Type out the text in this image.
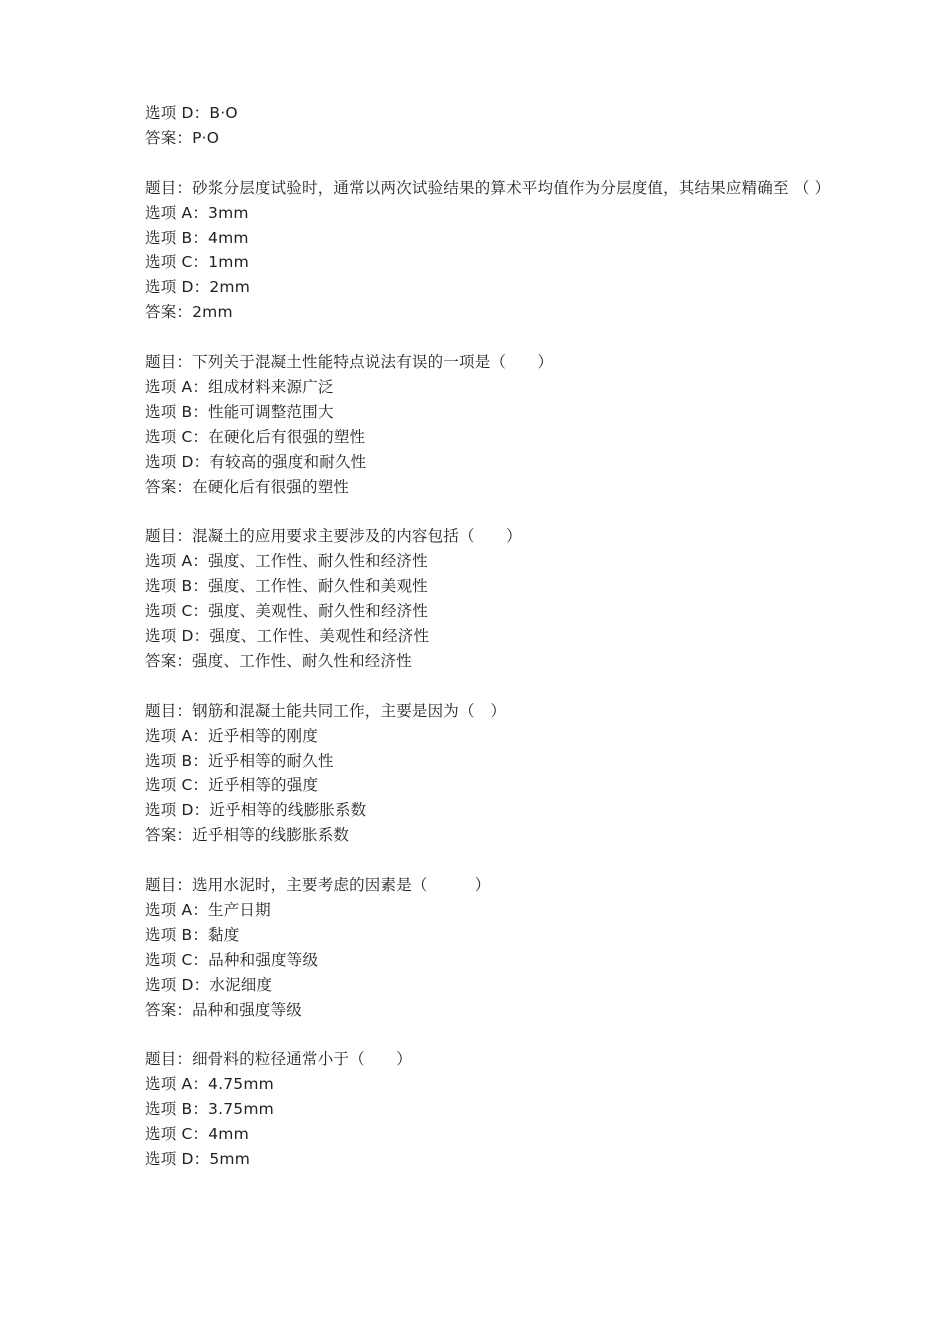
选项 D：B·O
答案：P·O
题目：砂浆分层度试验时，通常以两次试验结果的算术平均值作为分层度值，其结果应精确至 （ ）
选项 A：3mm
选项 B：4mm
选项 C：1mm
选项 D：2mm
答案：2mm
题目：下列关于混凝土性能特点说法有误的一项是（　　）
选项 A：组成材料来源广泛
选项 B：性能可调整范围大
选项 C：在硬化后有很强的塑性
选项 D：有较高的强度和耐久性
答案：在硬化后有很强的塑性
题目：混凝土的应用要求主要涉及的内容包括（　　）
选项 A：强度、工作性、耐久性和经济性
选项 B：强度、工作性、耐久性和美观性
选项 C：强度、美观性、耐久性和经济性
选项 D：强度、工作性、美观性和经济性
答案：强度、工作性、耐久性和经济性
题目：钢筋和混凝土能共同工作，主要是因为（　）
选项 A：近乎相等的刚度
选项 B：近乎相等的耐久性
选项 C：近乎相等的强度
选项 D：近乎相等的线膨胀系数
答案：近乎相等的线膨胀系数
题目：选用水泥时，主要考虑的因素是（　　　）
选项 A：生产日期
选项 B：黏度
选项 C：品种和强度等级
选项 D：水泥细度
答案：品种和强度等级
题目：细骨料的粒径通常小于（　　）
选项 A：4.75mm
选项 B：3.75mm
选项 C：4mm
选项 D：5mm
